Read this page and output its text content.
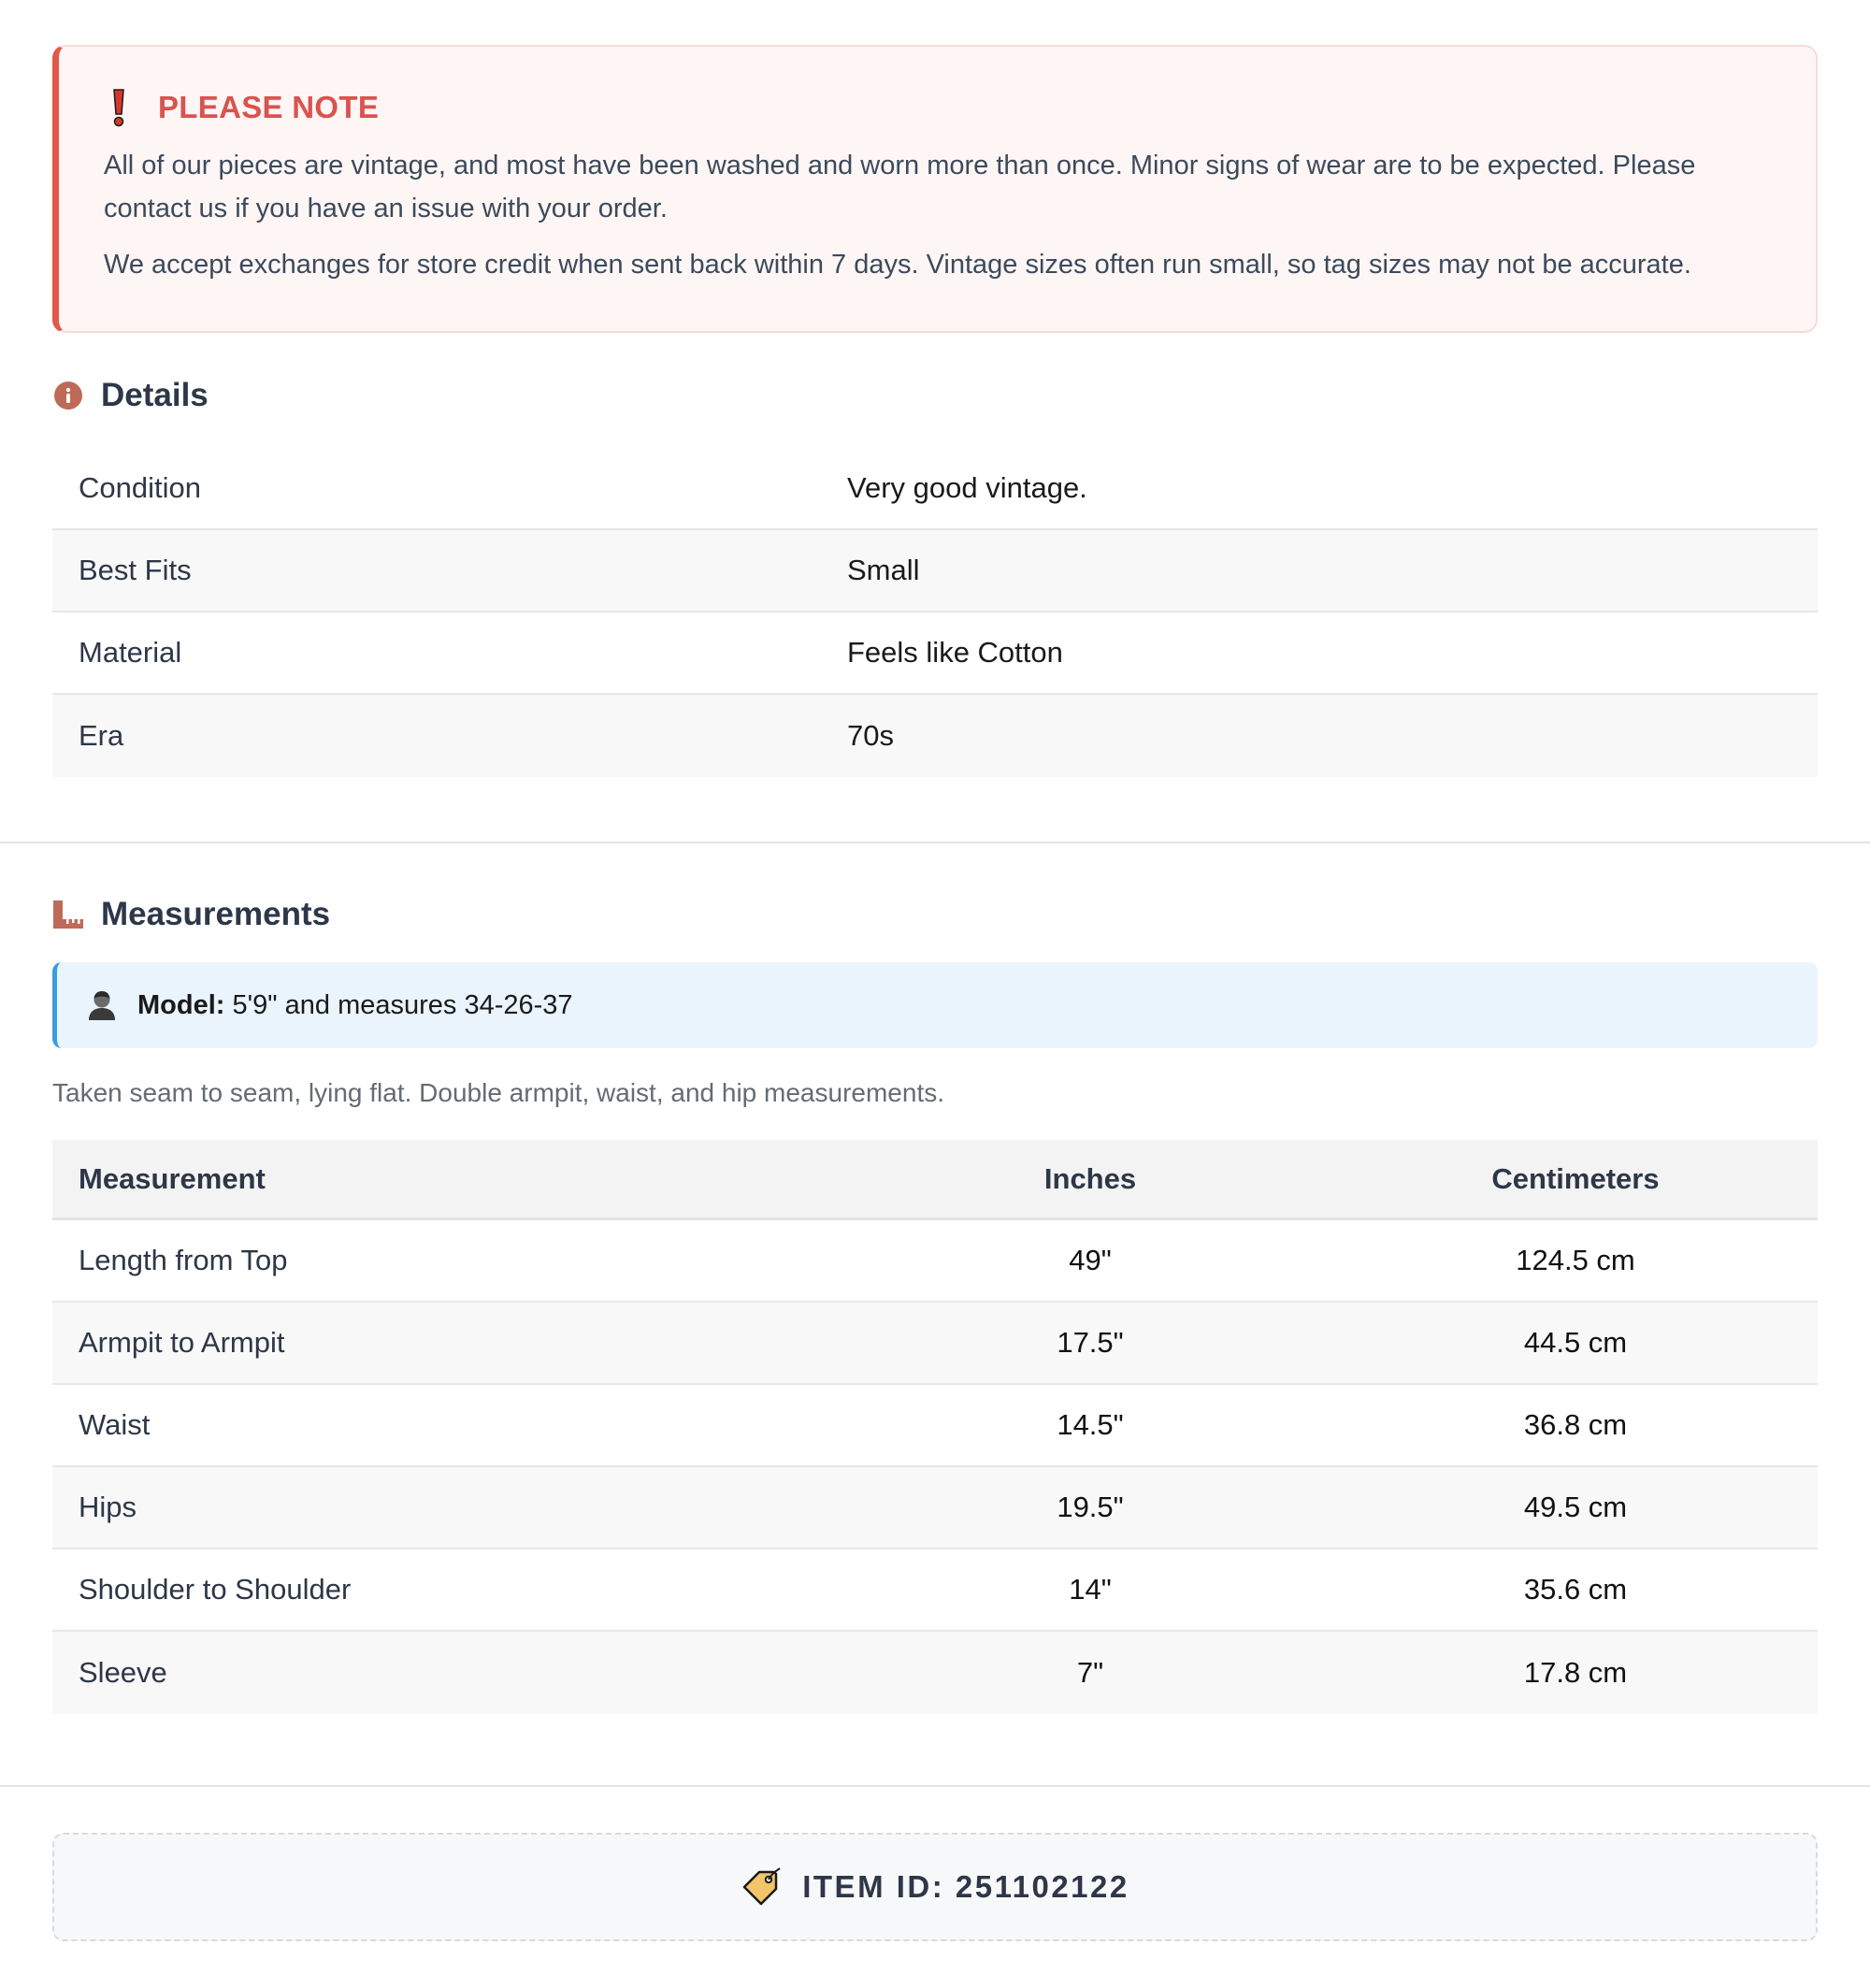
PLEASE NOTE

All of our pieces are vintage, and most have been washed and worn more than once. Minor signs of wear are to be expected. Please contact us if you have an issue with your order.

We accept exchanges for store credit when sent back within 7 days. Vintage sizes often run small, so tag sizes may not be accurate.

Details
Condition	Very good vintage.
Best Fits	Small
Material	Feels like Cotton
Era	70s
Measurements
Model: 5'9" and measures 34-26-37
Taken seam to seam, lying flat. Double armpit, waist, and hip measurements.
Measurement	Inches	Centimeters
Length from Top	49"	124.5 cm
Armpit to Armpit	17.5"	44.5 cm
Waist	14.5"	36.8 cm
Hips	19.5"	49.5 cm
Shoulder to Shoulder	14"	35.6 cm
Sleeve	7"	17.8 cm
ITEM ID: 251102122
